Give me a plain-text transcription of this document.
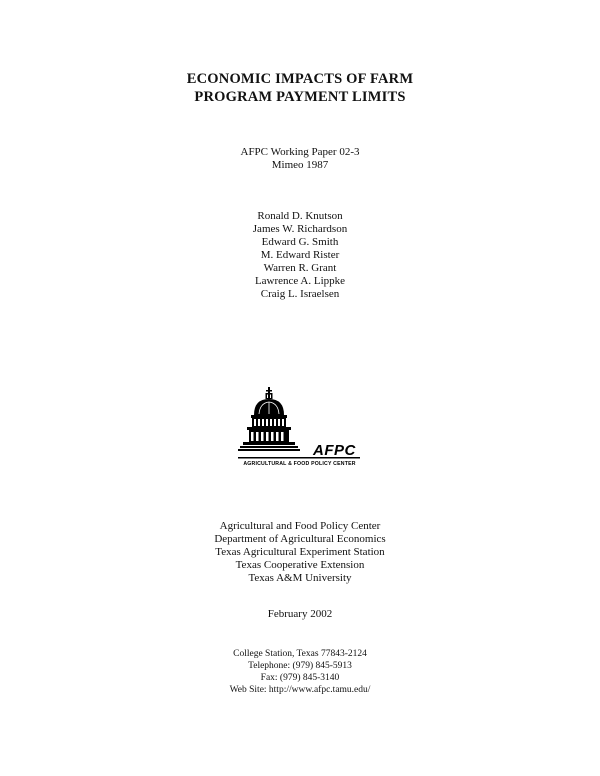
ECONOMIC IMPACTS OF FARM
PROGRAM PAYMENT LIMITS
AFPC Working Paper 02-3
Mimeo 1987
Ronald D. Knutson
James W. Richardson
Edward G. Smith
M. Edward Rister
Warren R. Grant
Lawrence A. Lippke
Craig L. Israelsen
AFPC
AGRICULTURAL & FOOD POLICY CENTER
Agricultural and Food Policy Center
Department of Agricultural Economics
Texas Agricultural Experiment Station
Texas Cooperative Extension
Texas A&M University
February 2002
College Station, Texas 77843-2124
Telephone: (979) 845-5913
Fax: (979) 845-3140
Web Site: http://www.afpc.tamu.edu/
